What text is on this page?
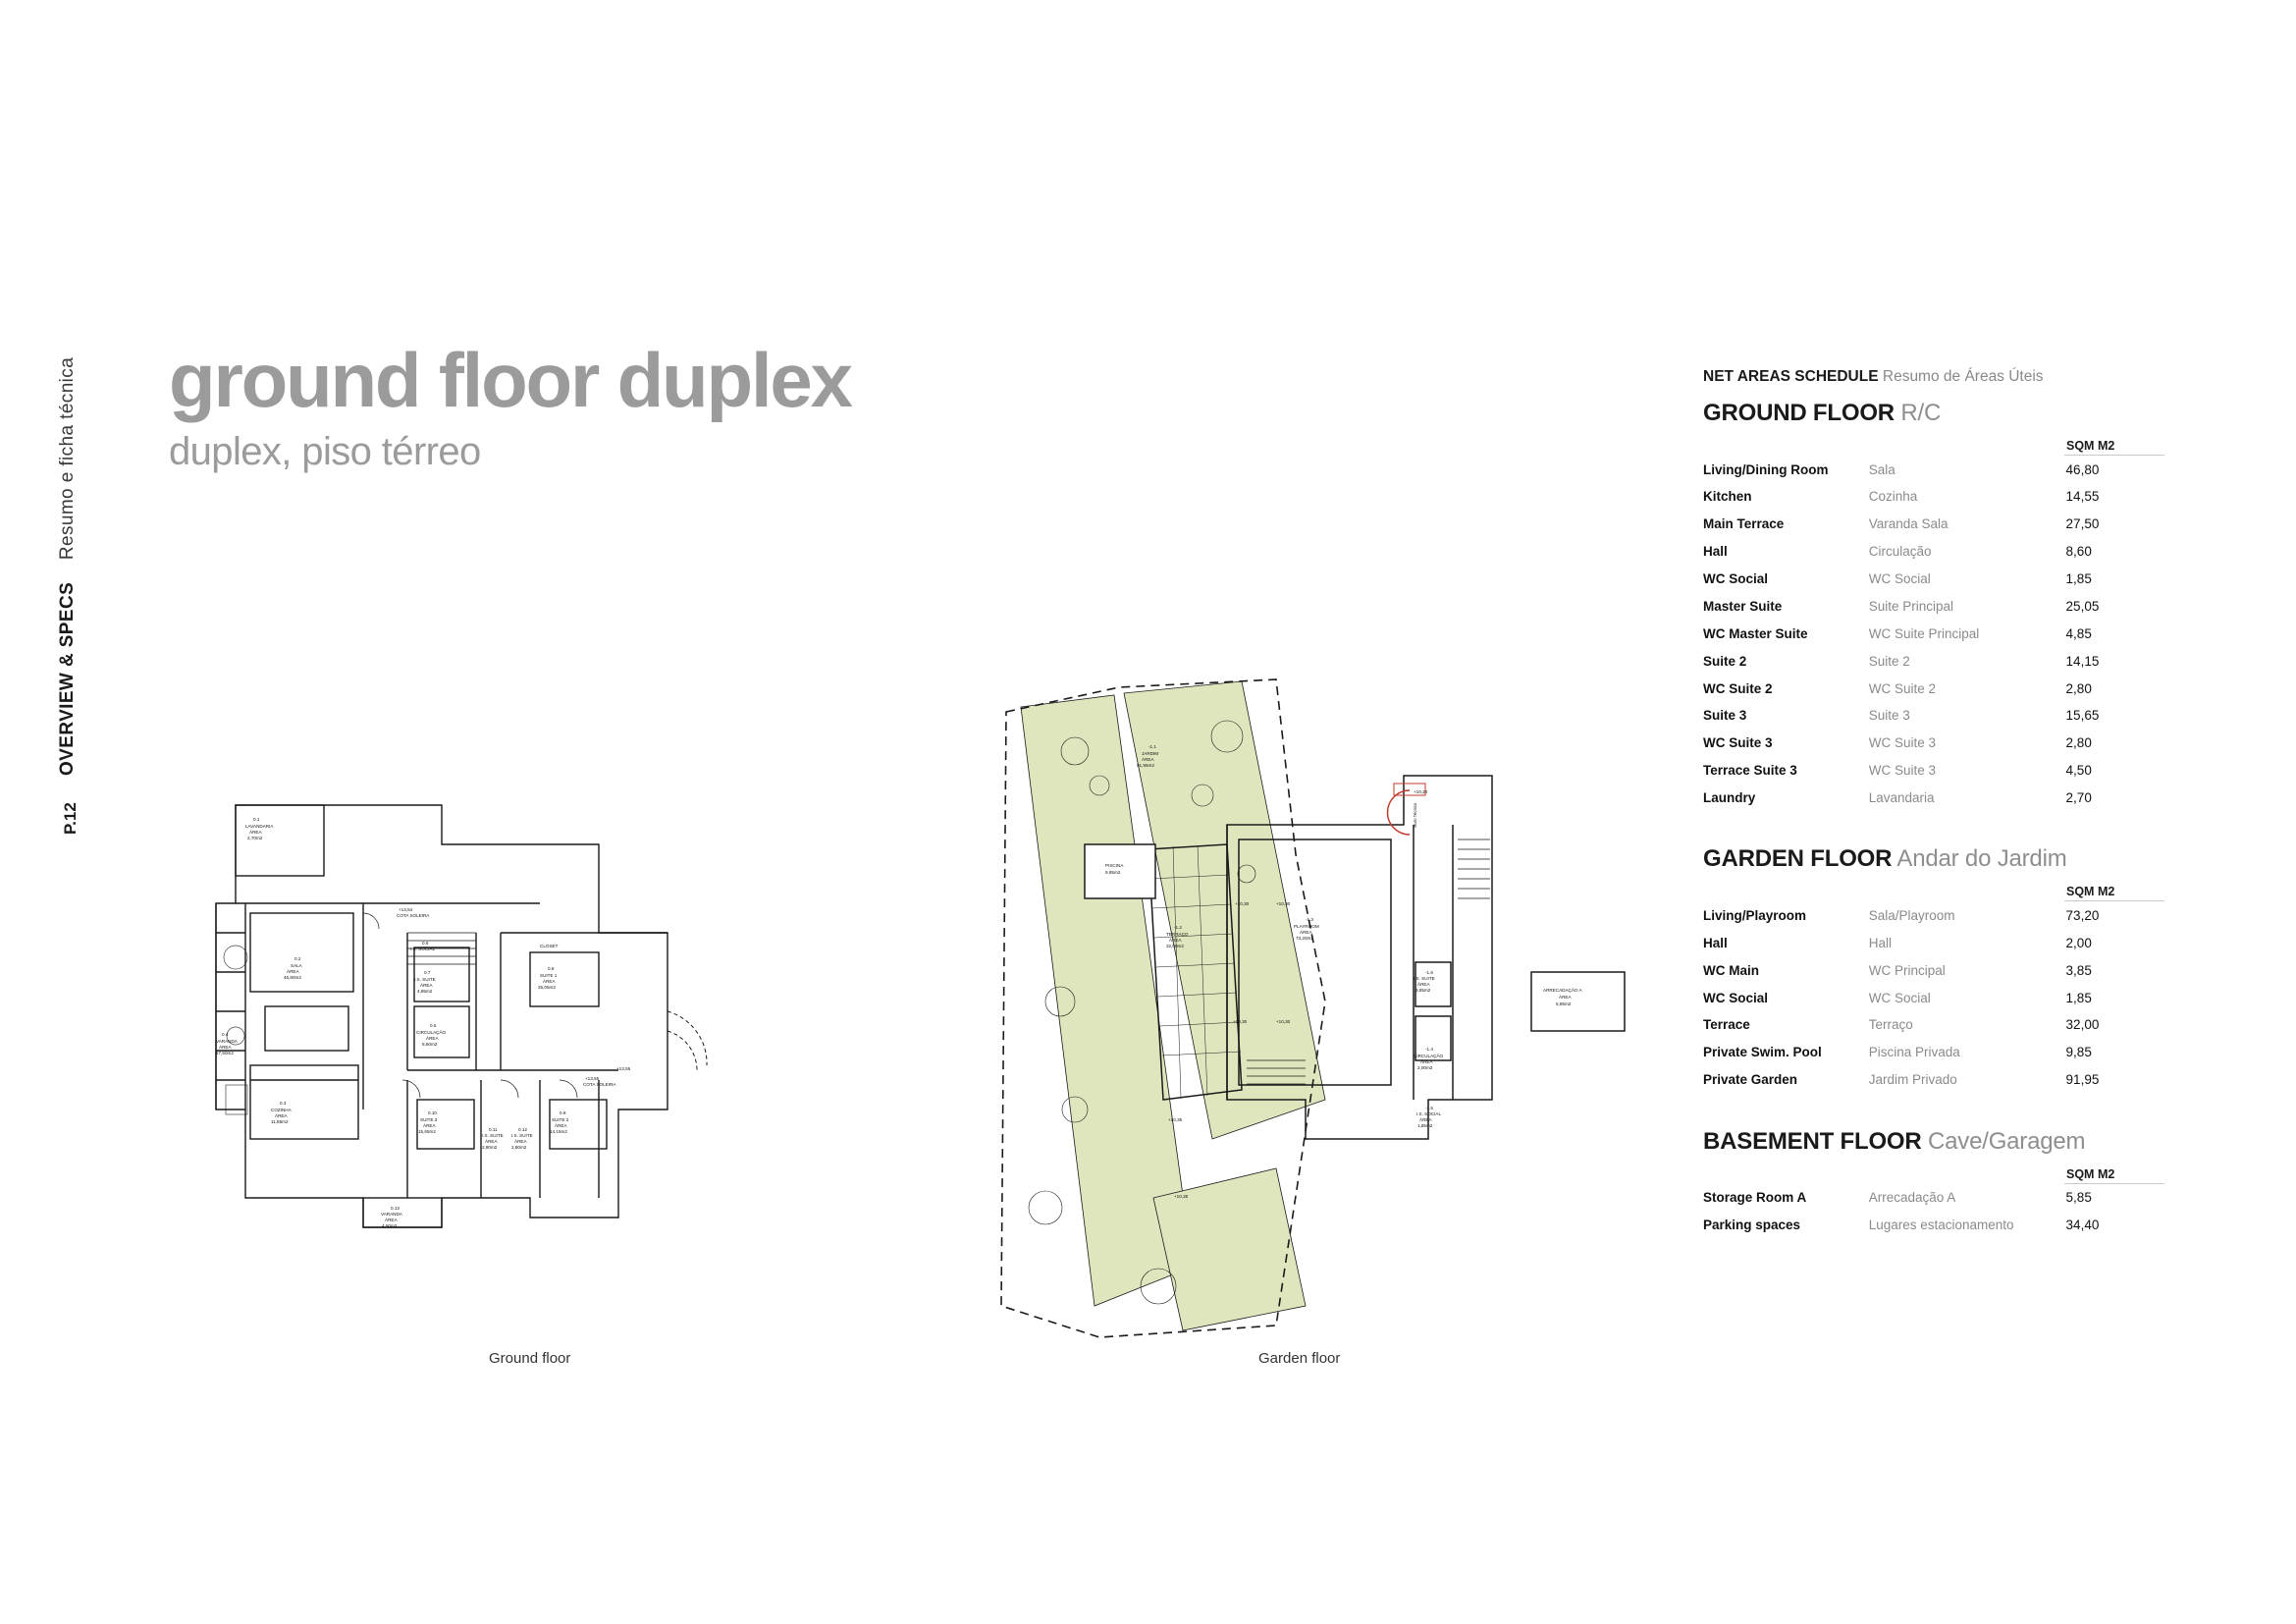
OVERVIEW & SPECS    Resumo e ficha técnica
P.12
ground floor duplex
duplex, piso térreo
0.1
LAVANDARIA
ÁREA
2,70m2
0.2
SALA
ÁREA
46,80m2
0.3
COZINHA
ÁREA
11,85m2
0.4
VARANDA
ÁREA
27,50m2
0.5
CIRCULAÇÃO
ÁREA
8,60m2
0.7
I.S. SUITE
ÁREA
4,85m2
0.6
I.S. SOCIAL
0.8
SUITE 1
ÁREA
25,05m2
0.9
SUITE 2
ÁREA
14,15m2
0.10
SUITE 3
ÁREA
15,65m2	0.11
I.S. SUITE
ÁREA
2,80m2
0.12
I.S. SUITE
ÁREA
2,80m2
0.13
VARANDA
ÁREA
4,50m2
+13,54
COTA SOLEIRA
+13,55
COTA SOLEIRA
+13,55
CLOSET
-1.1
JARDIM
ÁREA
91,95m2
PISCINA
9,85m2
-1.2
TERRAÇO
ÁREA
32,00m2
-1.3
PLAYROOM
ÁREA
73,20m2
-1.4
CIRCULAÇÃO
ÁREA
2,00m2
-1.6
I.S. SUITE
ÁREA
3,85m2
-1.5
I.S. SOCIAL
ÁREA
1,85m2
ARRECADAÇÃO A
ÁREA
5,85m2
+10,20
+10,30	+10,30
+10,30	+10,30
+10,35
+10,35
Muro Técnico
Ground floor	Garden floor
NET AREAS SCHEDULE Resumo de Áreas Úteis
GROUND FLOOR R/C
SQM M2
Living/Dining Room	Sala	46,80
Kitchen	Cozinha	14,55
Main Terrace	Varanda Sala	27,50
Hall	Circulação	8,60
WC Social	WC Social	1,85
Master Suite	Suite Principal	25,05
WC Master Suite	WC Suite Principal	4,85
Suite 2	Suite 2	14,15
WC Suite 2	WC Suite 2	2,80
Suite 3	Suite 3	15,65
WC Suite 3	WC Suite 3	2,80
Terrace Suite 3	WC Suite 3	4,50
Laundry	Lavandaria	2,70
GARDEN FLOOR Andar do Jardim
SQM M2
Living/Playroom	Sala/Playroom	73,20
Hall	Hall	2,00
WC Main	WC Principal	3,85
WC Social	WC Social	1,85
Terrace	Terraço	32,00
Private Swim. Pool	Piscina Privada	9,85
Private Garden	Jardim Privado	91,95
BASEMENT FLOOR Cave/Garagem
SQM M2
Storage Room A	Arrecadação A	5,85
Parking spaces	Lugares estacionamento	34,40
